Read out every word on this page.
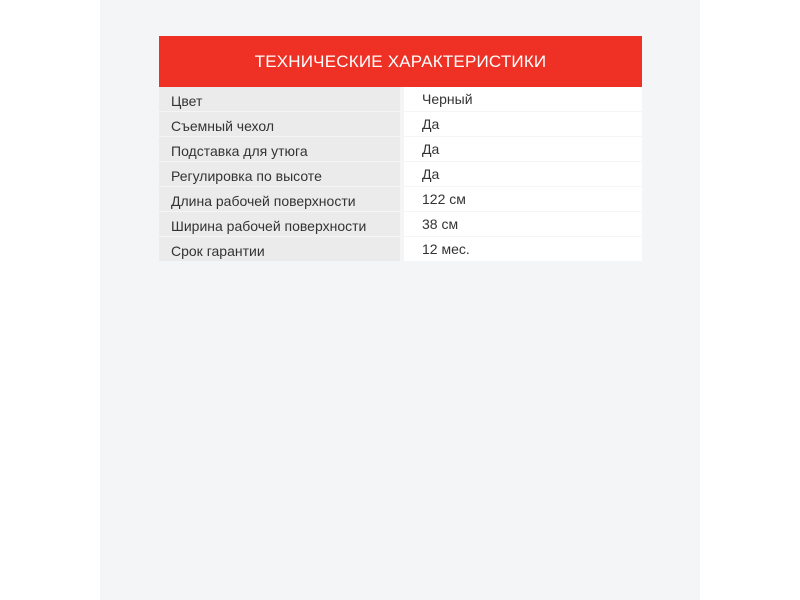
ТЕХНИЧЕСКИЕ ХАРАКТЕРИСТИКИ
Цвет	Черный
Съемный чехол	Да
Подставка для утюга	Да
Регулировка по высоте	Да
Длина рабочей поверхности	122 см
Ширина рабочей поверхности	38 см
Срок гарантии	12 мес.
